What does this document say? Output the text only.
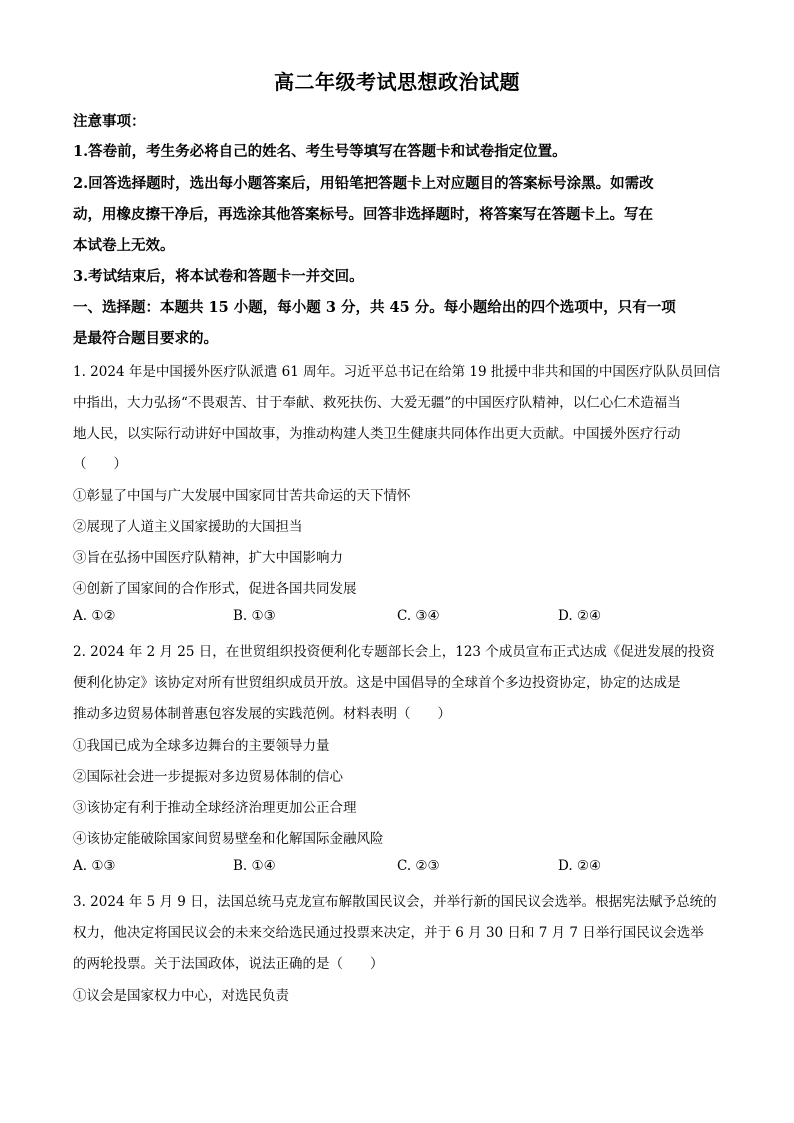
高二年级考试思想政治试题
注意事项：
1.答卷前，考生务必将自己的姓名、考生号等填写在答题卡和试卷指定位置。
2.回答选择题时，选出每小题答案后，用铅笔把答题卡上对应题目的答案标号涂黑。如需改
动，用橡皮擦干净后，再选涂其他答案标号。回答非选择题时，将答案写在答题卡上。写在
本试卷上无效。
3.考试结束后，将本试卷和答题卡一并交回。
一、选择题：本题共 15 小题，每小题 3 分，共 45 分。每小题给出的四个选项中，只有一项
是最符合题目要求的。
1. 2024 年是中国援外医疗队派遣 61 周年。习近平总书记在给第 19 批援中非共和国的中国医疗队队员回信
中指出，大力弘扬“不畏艰苦、甘于奉献、救死扶伤、大爱无疆”的中国医疗队精神，以仁心仁术造福当
地人民，以实际行动讲好中国故事，为推动构建人类卫生健康共同体作出更大贡献。中国援外医疗行动
（　　）
①彰显了中国与广大发展中国家同甘苦共命运的天下情怀
②展现了人道主义国家援助的大国担当
③旨在弘扬中国医疗队精神，扩大中国影响力
④创新了国家间的合作形式，促进各国共同发展
A. ①②	B. ①③	C. ③④	D. ②④
2. 2024 年 2 月 25 日，在世贸组织投资便利化专题部长会上，123 个成员宣布正式达成《促进发展的投资
便利化协定》该协定对所有世贸组织成员开放。这是中国倡导的全球首个多边投资协定，协定的达成是
推动多边贸易体制普惠包容发展的实践范例。材料表明（　　）
①我国已成为全球多边舞台的主要领导力量
②国际社会进一步提振对多边贸易体制的信心
③该协定有利于推动全球经济治理更加公正合理
④该协定能破除国家间贸易壁垒和化解国际金融风险
A. ①③	B. ①④	C. ②③	D. ②④
3. 2024 年 5 月 9 日，法国总统马克龙宣布解散国民议会，并举行新的国民议会选举。根据宪法赋予总统的
权力，他决定将国民议会的未来交给选民通过投票来决定，并于 6 月 30 日和 7 月 7 日举行国民议会选举
的两轮投票。关于法国政体，说法正确的是（　　）
①议会是国家权力中心，对选民负责
